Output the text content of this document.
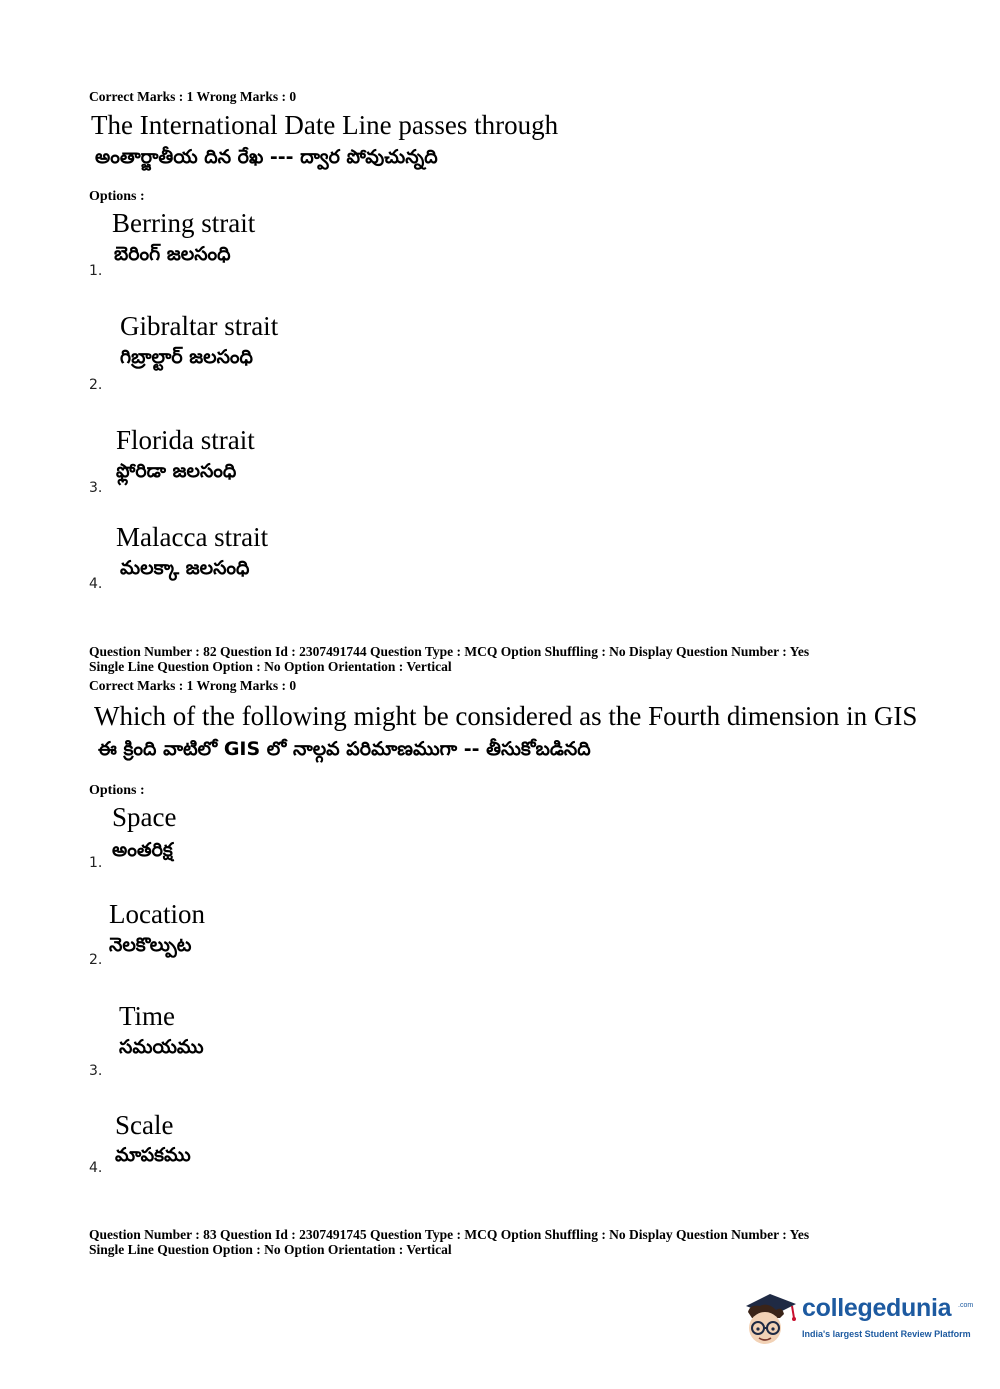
Correct Marks : 1 Wrong Marks : 0
The International Date Line passes through
అంతార్జాతీయ దిన రేఖ --- ద్వార పోవుచున్నది
Options :
Berring strait
బెరింగ్ జలసంధి
1.
Gibraltar strait
గిబ్రాల్టార్ జలసంధి
2.
Florida strait
ఫ్లోరిడా జలసంధి
3.
Malacca strait
మలక్కా జలసంధి
4.
Question Number : 82 Question Id : 2307491744 Question Type : MCQ Option Shuffling : No Display Question Number : Yes
Single Line Question Option : No Option Orientation : Vertical
Correct Marks : 1 Wrong Marks : 0
Which of the following might be considered as the Fourth dimension in GIS
ఈ క్రింది వాటిలో GIS లో నాల్గవ పరిమాణముగా -- తీసుకోబడినది
Options :
Space
అంతరిక్ష
1.
Location
నెలకొల్పుట
2.
Time
సమయము
3.
Scale
మాపకము
4.
Question Number : 83 Question Id : 2307491745 Question Type : MCQ Option Shuffling : No Display Question Number : Yes
Single Line Question Option : No Option Orientation : Vertical
collegedunia .com
India's largest Student Review Platform
